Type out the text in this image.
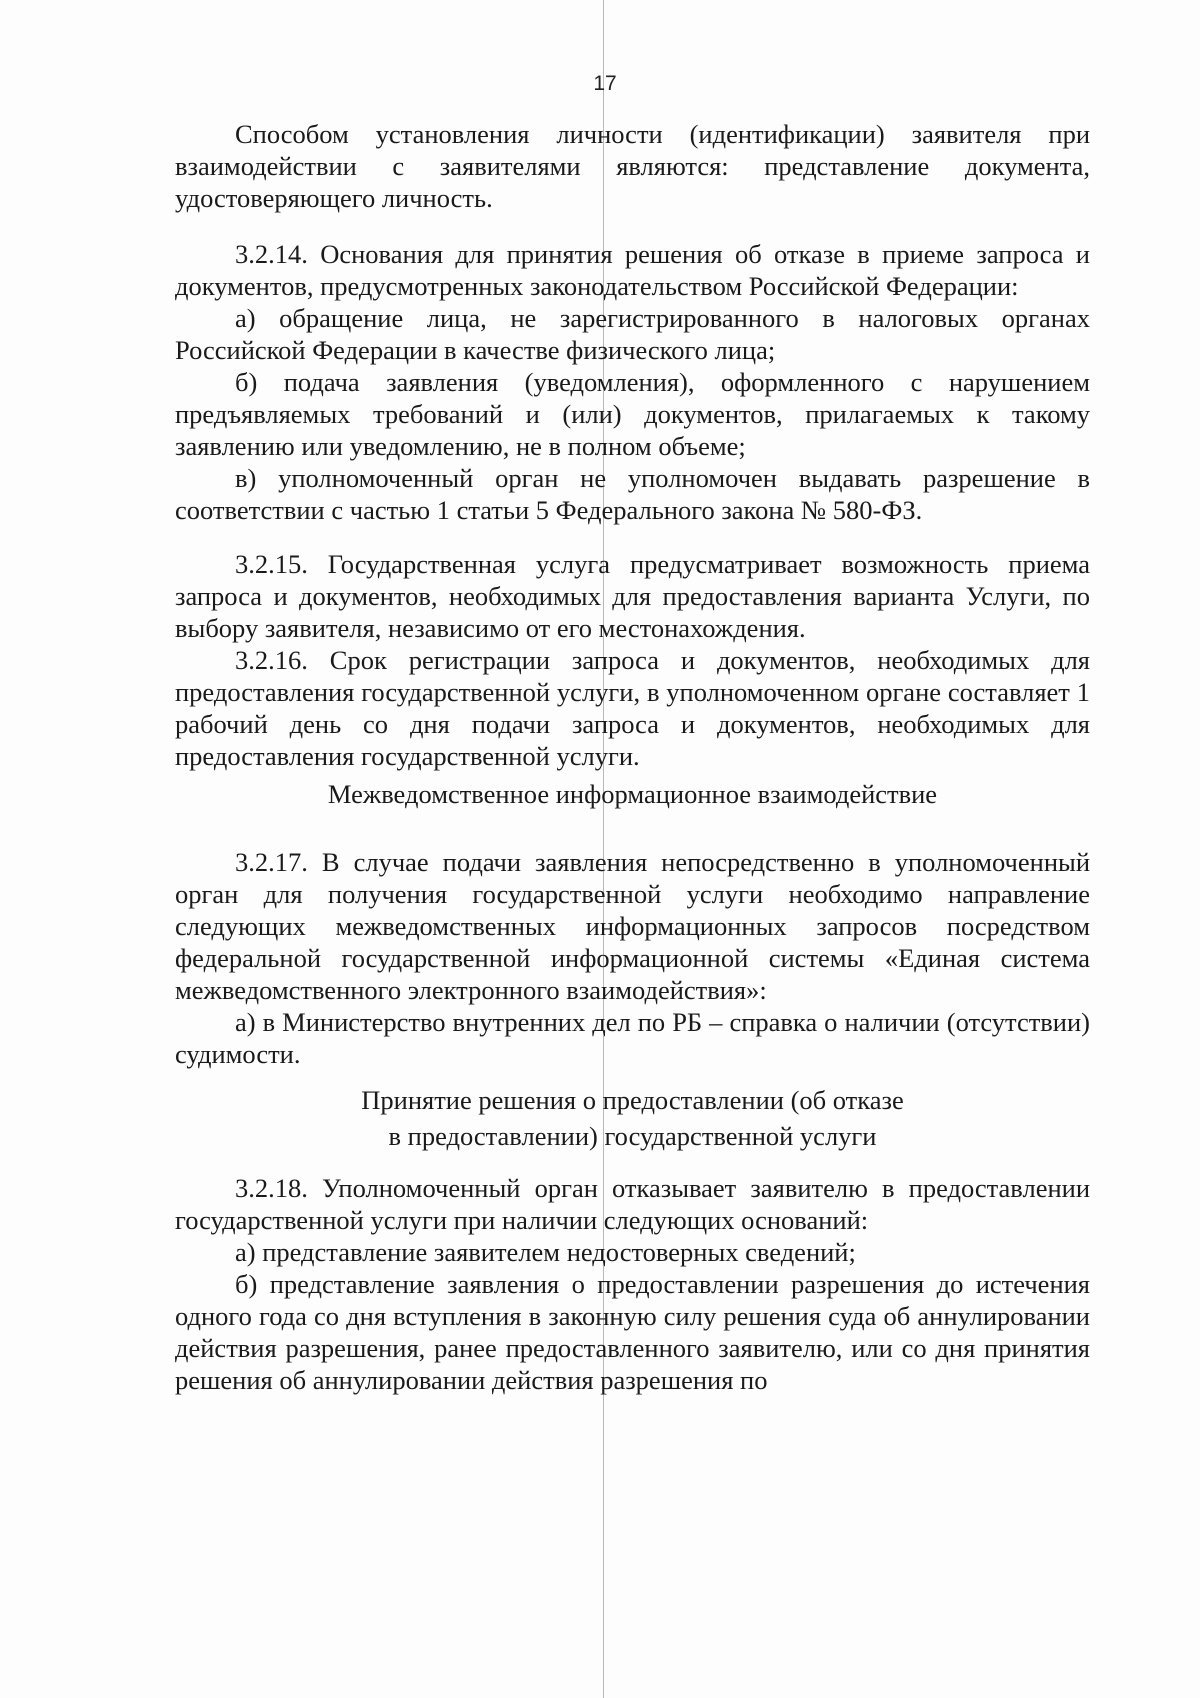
17

Способом установления личности (идентификации) заявителя при взаимодействии с заявителями являются: представление документа, удостоверяющего личность.

3.2.14. Основания для принятия решения об отказе в приеме запроса и документов, предусмотренных законодательством Российской Федерации:

а) обращение лица, не зарегистрированного в налоговых органах Российской Федерации в качестве физического лица;

б) подача заявления (уведомления), оформленного с нарушением предъявляемых требований и (или) документов, прилагаемых к такому заявлению или уведомлению, не в полном объеме;

в) уполномоченный орган не уполномочен выдавать разрешение в соответствии с частью 1 статьи 5 Федерального закона № 580-ФЗ.

3.2.15. Государственная услуга предусматривает возможность приема запроса и документов, необходимых для предоставления варианта Услуги, по выбору заявителя, независимо от его местонахождения.

3.2.16. Срок регистрации запроса и документов, необходимых для предоставления государственной услуги, в уполномоченном органе составляет 1 рабочий день со дня подачи запроса и документов, необходимых для предоставления государственной услуги.

Межведомственное информационное взаимодействие

3.2.17. В случае подачи заявления непосредственно в уполномоченный орган для получения государственной услуги необходимо направление следующих межведомственных информационных запросов посредством федеральной государственной информационной системы «Единая система межведомственного электронного взаимодействия»:

а) в Министерство внутренних дел по РБ – справка о наличии (отсутствии) судимости.

Принятие решения о предоставлении (об отказе

в предоставлении) государственной услуги

3.2.18. Уполномоченный орган отказывает заявителю в предоставлении государственной услуги при наличии следующих оснований:

а) представление заявителем недостоверных сведений;

б) представление заявления о предоставлении разрешения до истечения одного года со дня вступления в законную силу решения суда об аннулировании действия разрешения, ранее предоставленного заявителю, или со дня принятия решения об аннулировании действия разрешения по
